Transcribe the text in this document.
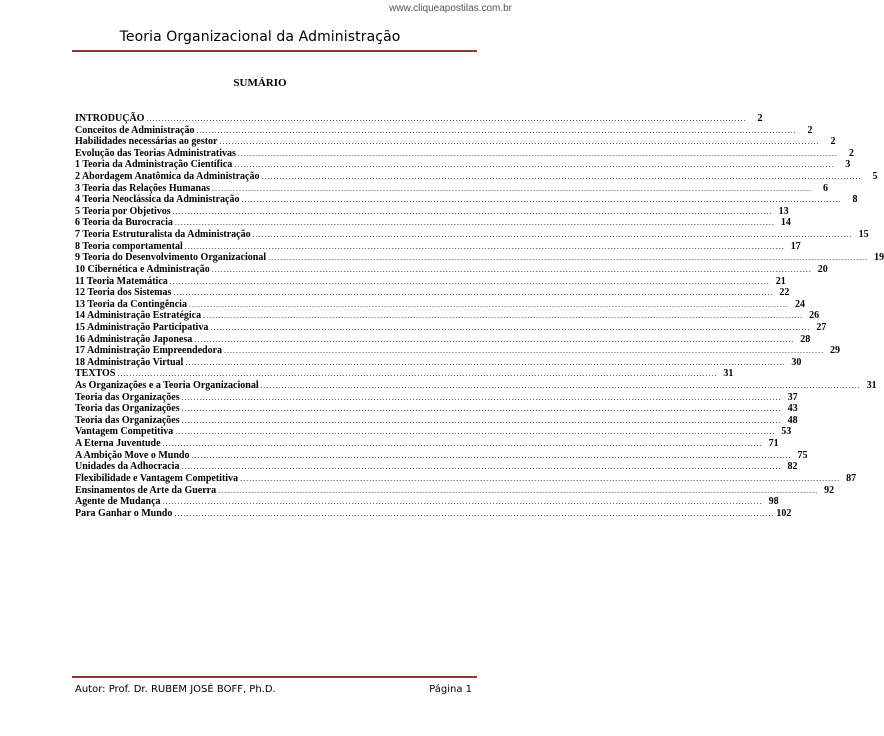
www.cliqueapostilas.com.br
Teoria Organizacional da Administração
SUMÁRIO
INTRODUÇÃO ........................................................................................................................................................................................................	2
Conceitos de Administração ........................................................................................................................................................................................................	2
Habilidades necessárias ao gestor ........................................................................................................................................................................................................	2
Evolução das Teorias Administrativas ........................................................................................................................................................................................................	2
1 Teoria da Administração Científica ........................................................................................................................................................................................................	3
2 Abordagem Anatômica da Administração ........................................................................................................................................................................................................	5
3 Teoria das Relações Humanas ........................................................................................................................................................................................................	6
4 Teoria Neoclássica da Administração ........................................................................................................................................................................................................	8
5 Teoria por Objetivos ........................................................................................................................................................................................................ 13
6 Teoria da Burocracia ........................................................................................................................................................................................................ 14
7 Teoria Estruturalista da Administração ........................................................................................................................................................................................................ 15
8 Teoria comportamental ........................................................................................................................................................................................................ 17
9 Teoria do Desenvolvimento Organizacional ........................................................................................................................................................................................................ 19
10 Cibernética e Administração ........................................................................................................................................................................................................ 20
11 Teoria Matemática ........................................................................................................................................................................................................ 21
12 Teoria dos Sistemas ........................................................................................................................................................................................................ 22
13 Teoria da Contingência ........................................................................................................................................................................................................ 24
14 Administração Estratégica ........................................................................................................................................................................................................ 26
15 Administração Participativa ........................................................................................................................................................................................................ 27
16 Administração Japonesa ........................................................................................................................................................................................................ 28
17 Administração Empreendedora ........................................................................................................................................................................................................ 29
18 Administração Virtual ........................................................................................................................................................................................................ 30
TEXTOS ........................................................................................................................................................................................................ 31
As Organizações e a Teoria Organizacional ........................................................................................................................................................................................................ 31
Teoria das Organizações ........................................................................................................................................................................................................ 37
Teoria das Organizações ........................................................................................................................................................................................................ 43
Teoria das Organizações ........................................................................................................................................................................................................ 48
Vantagem Competitiva ........................................................................................................................................................................................................ 53
A Eterna Juventude ........................................................................................................................................................................................................ 71
A Ambição Move o Mundo ........................................................................................................................................................................................................ 75
Unidades da Adhocracia ........................................................................................................................................................................................................ 82
Flexibilidade e Vantagem Competitiva ........................................................................................................................................................................................................ 87
Ensinamentos de Arte da Guerra ........................................................................................................................................................................................................ 92
Agente de Mudança ........................................................................................................................................................................................................ 98
Para Ganhar o Mundo ........................................................................................................................................................................................................ 102
Autor: Prof. Dr. RUBEM JOSÉ BOFF, Ph.D.	Página 1
